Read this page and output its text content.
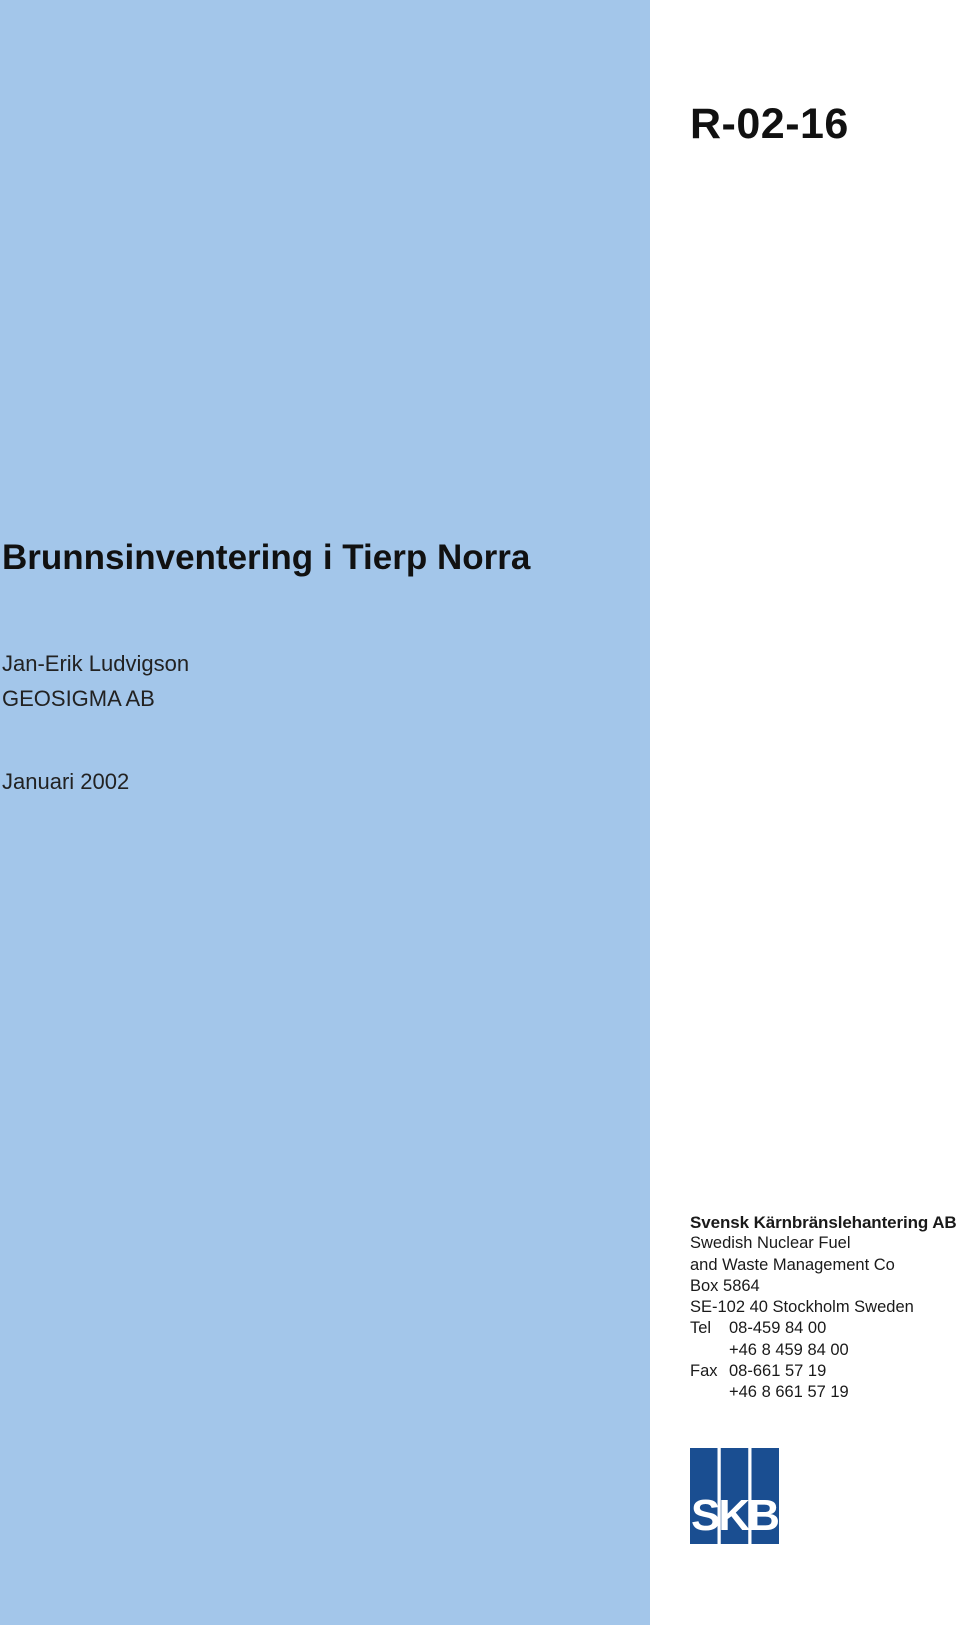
R-02-16
Brunnsinventering i Tierp Norra
Jan-Erik Ludvigson
GEOSIGMA AB
Januari 2002
Svensk Kärnbränslehantering AB
Swedish Nuclear Fuel
and Waste Management Co
Box 5864
SE-102 40 Stockholm Sweden
Tel	08-459 84 00
+46 8 459 84 00
Fax 08-661 57 19
+46 8 661 57 19
SKB
